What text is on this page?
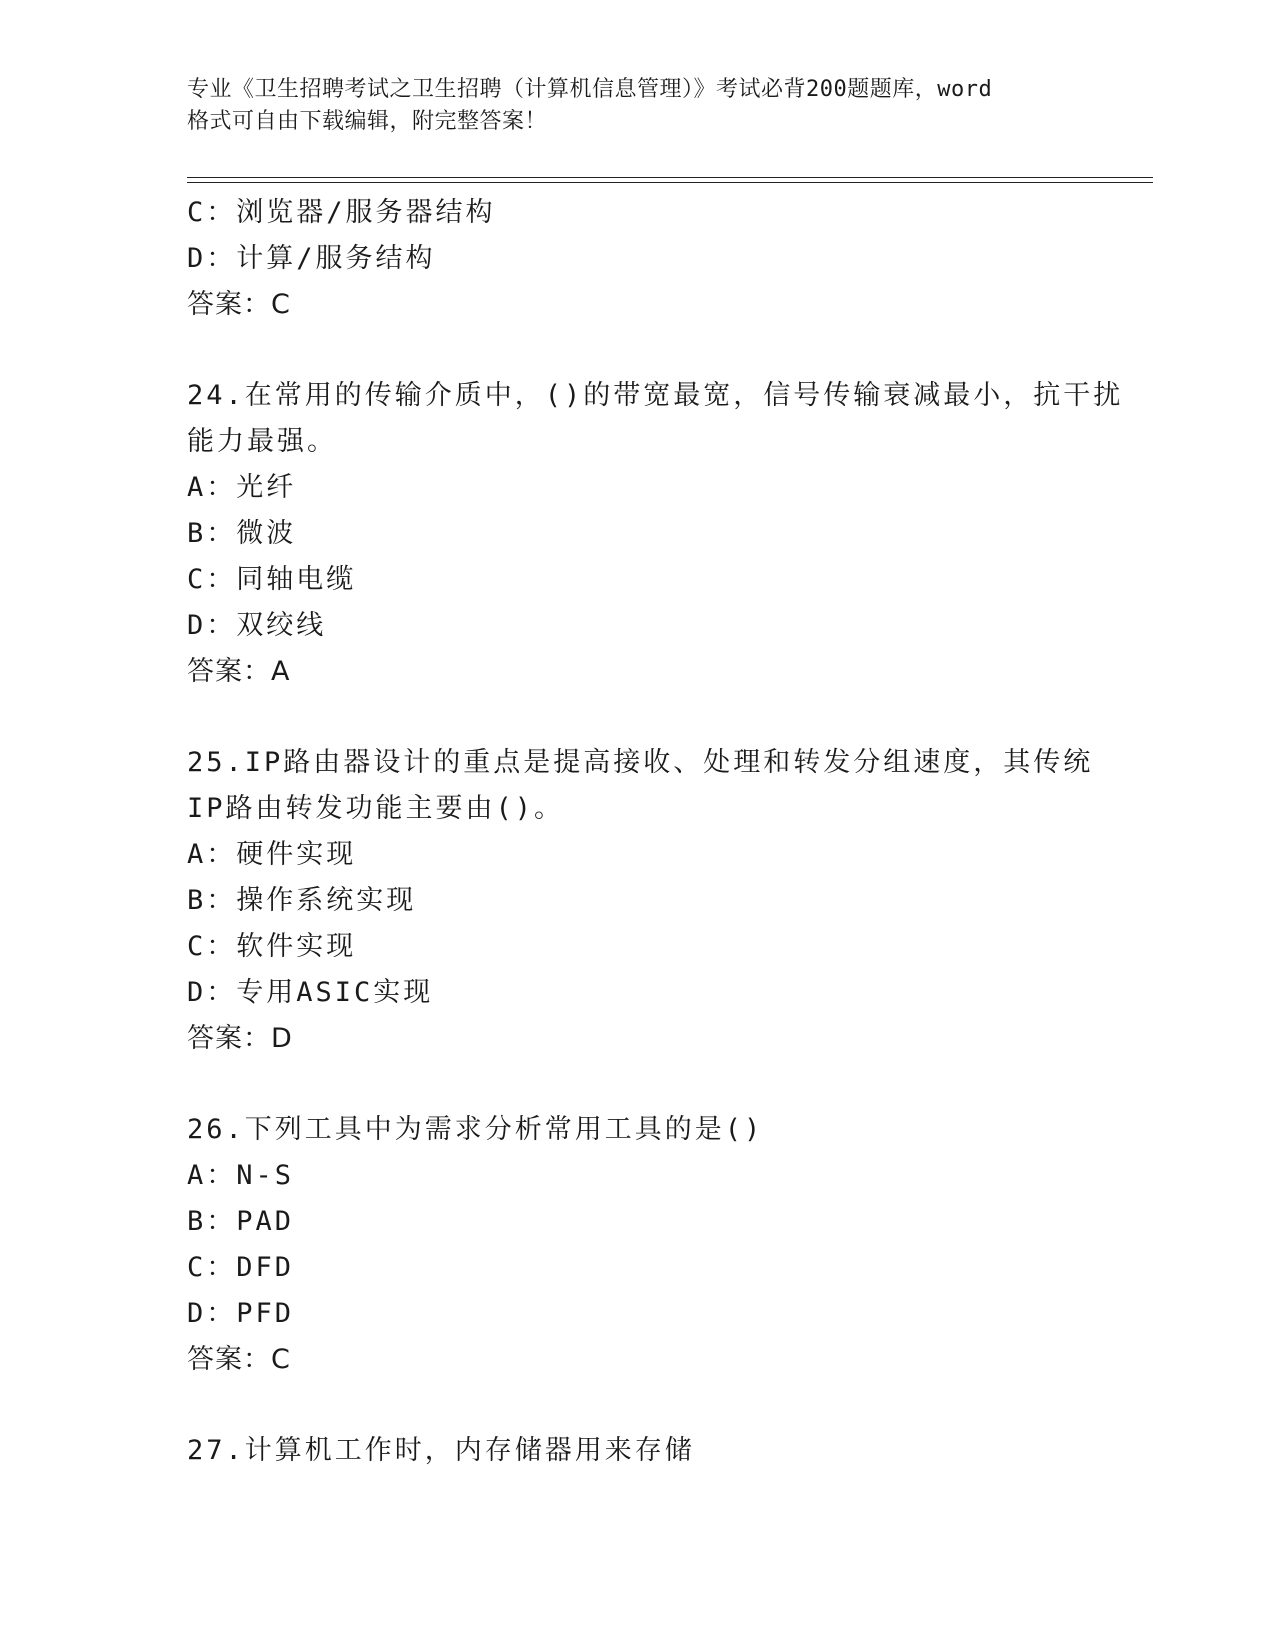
专业《卫生招聘考试之卫生招聘（计算机信息管理）》考试必背200题题库，word
格式可自由下载编辑，附完整答案！
C：浏览器/服务器结构
D：计算/服务结构
答案：C
24.在常用的传输介质中，()的带宽最宽，信号传输衰减最小，抗干扰
能力最强。
A：光纤
B：微波
C：同轴电缆
D：双绞线
答案：A
25.IP路由器设计的重点是提高接收、处理和转发分组速度，其传统
IP路由转发功能主要由()。
A：硬件实现
B：操作系统实现
C：软件实现
D：专用ASIC实现
答案：D
26.下列工具中为需求分析常用工具的是()
A：N-S
B：PAD
C：DFD
D：PFD
答案：C
27.计算机工作时，内存储器用来存储
